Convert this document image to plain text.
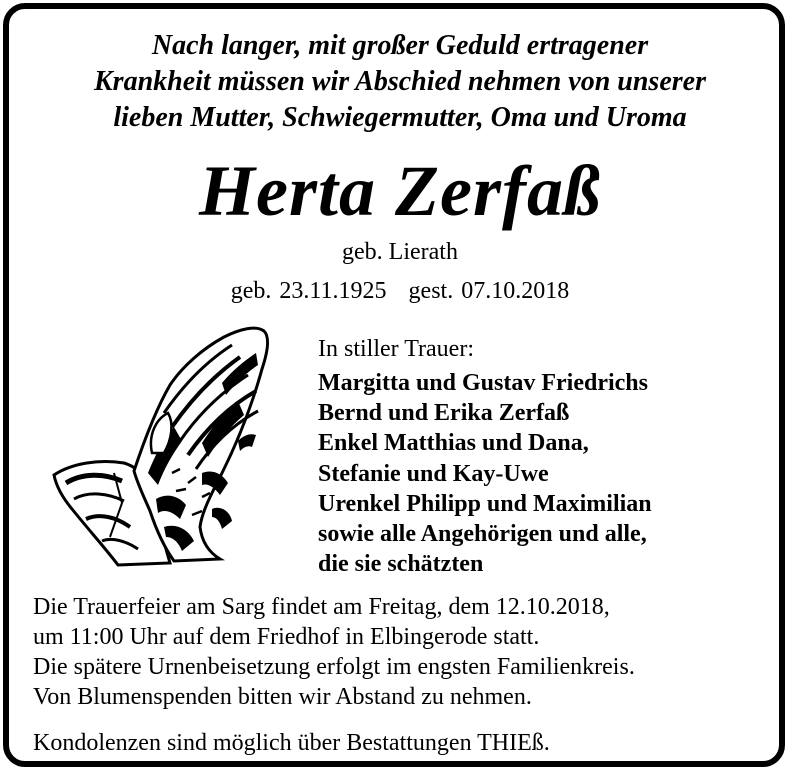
Nach langer, mit großer Geduld ertragener
Krankheit müssen wir Abschied nehmen von unserer
lieben Mutter, Schwiegermutter, Oma und Uroma
Herta Zerfaß
geb. Lierath
geb. 23.11.1925 gest. 07.10.2018
In stiller Trauer:
Margitta und Gustav Friedrichs
Bernd und Erika Zerfaß
Enkel Matthias und Dana,
Stefanie und Kay-Uwe
Urenkel Philipp und Maximilian
sowie alle Angehörigen und alle,
die sie schätzten
Die Trauerfeier am Sarg findet am Freitag, dem 12.10.2018,
um 11:00 Uhr auf dem Friedhof in Elbingerode statt.
Die spätere Urnenbeisetzung erfolgt im engsten Familienkreis.
Von Blumenspenden bitten wir Abstand zu nehmen.
Kondolenzen sind möglich über Bestattungen THIEß.
